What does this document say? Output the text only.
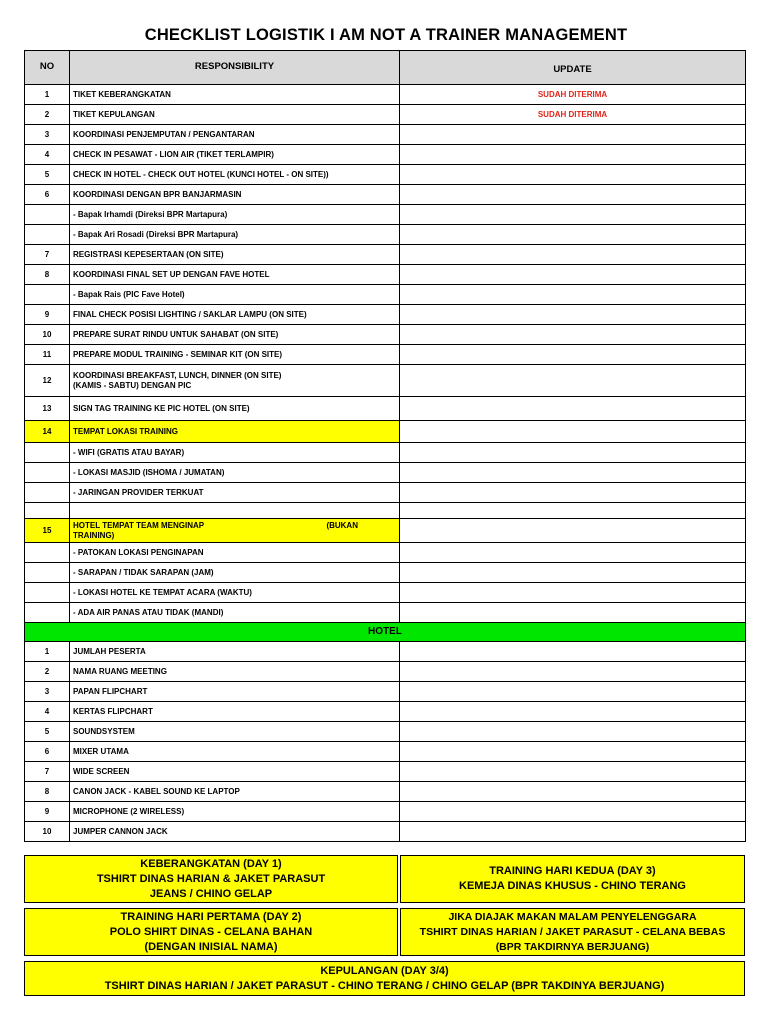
CHECKLIST LOGISTIK I AM NOT A TRAINER MANAGEMENT
NO	RESPONSIBILITY	UPDATE
1	TIKET KEBERANGKATAN	SUDAH DITERIMA
2	TIKET KEPULANGAN	SUDAH DITERIMA
3	KOORDINASI PENJEMPUTAN / PENGANTARAN	
4	CHECK IN PESAWAT - LION AIR (TIKET TERLAMPIR)	
5	CHECK IN HOTEL - CHECK OUT HOTEL (KUNCI HOTEL - ON SITE))	
6	KOORDINASI DENGAN BPR BANJARMASIN	
	- Bapak Irhamdi (Direksi BPR Martapura)	
	- Bapak Ari Rosadi (Direksi BPR Martapura)	
7	REGISTRASI KEPESERTAAN (ON SITE)	
8	KOORDINASI FINAL SET UP DENGAN FAVE HOTEL	
	- Bapak Rais (PIC Fave Hotel)	
9	FINAL CHECK POSISI LIGHTING / SAKLAR LAMPU (ON SITE)	
10	PREPARE SURAT RINDU UNTUK SAHABAT (ON SITE)	
11	PREPARE MODUL TRAINING - SEMINAR KIT (ON SITE)	
12	KOORDINASI BREAKFAST, LUNCH, DINNER (ON SITE)
(KAMIS - SABTU) DENGAN PIC	

13	SIGN TAG TRAINING KE PIC HOTEL (ON SITE)	
14	TEMPAT LOKASI TRAINING	
	- WIFI (GRATIS ATAU BAYAR)	
	- LOKASI MASJID (ISHOMA / JUMATAN)	
	- JARINGAN PROVIDER TERKUAT	

15	HOTEL TEMPAT TEAM MENGINAP (BUKAN
TRAINING)	

	- PATOKAN LOKASI PENGINAPAN	
	- SARAPAN / TIDAK SARAPAN (JAM)	
	- LOKASI HOTEL KE TEMPAT ACARA (WAKTU)	
	- ADA AIR PANAS ATAU TIDAK (MANDI)	
HOTEL		
1	JUMLAH PESERTA	
2	NAMA RUANG MEETING	
3	PAPAN FLIPCHART	
4	KERTAS FLIPCHART	
5	SOUNDSYSTEM	
6	MIXER UTAMA	
7	WIDE SCREEN	
8	CANON JACK - KABEL SOUND KE LAPTOP	
9	MICROPHONE (2 WIRELESS)	
10	JUMPER CANNON JACK	
KEBERANGKATAN (DAY 1)
TSHIRT DINAS HARIAN & JAKET PARASUT
JEANS / CHINO GELAP
TRAINING HARI KEDUA (DAY 3)
KEMEJA DINAS KHUSUS - CHINO TERANG
TRAINING HARI PERTAMA (DAY 2)
POLO SHIRT DINAS - CELANA BAHAN
(DENGAN INISIAL NAMA)
JIKA DIAJAK MAKAN MALAM PENYELENGGARA
TSHIRT DINAS HARIAN / JAKET PARASUT - CELANA BEBAS
(BPR TAKDIRNYA BERJUANG)
KEPULANGAN (DAY 3/4)
TSHIRT DINAS HARIAN / JAKET PARASUT - CHINO TERANG / CHINO GELAP (BPR TAKDINYA BERJUANG)
